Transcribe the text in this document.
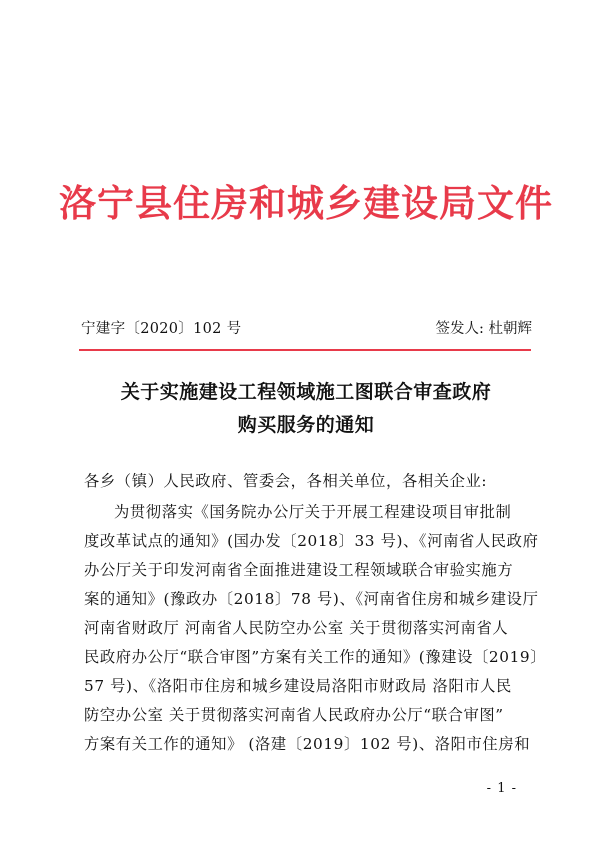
洛宁县住房和城乡建设局文件
宁建字〔2020〕102 号	签发人: 杜朝辉
关于实施建设工程领域施工图联合审查政府
购买服务的通知
各乡（镇）人民政府、管委会，各相关单位，各相关企业:
为贯彻落实《国务院办公厅关于开展工程建设项目审批制
度改革试点的通知》(国办发〔2018〕33 号)、《河南省人民政府
办公厅关于印发河南省全面推进建设工程领域联合审验实施方
案的通知》(豫政办〔2018〕78 号)、《河南省住房和城乡建设厅
河南省财政厅 河南省人民防空办公室 关于贯彻落实河南省人
民政府办公厅“联合审图”方案有关工作的通知》(豫建设〔2019〕
57 号)、《洛阳市住房和城乡建设局洛阳市财政局 洛阳市人民
防空办公室 关于贯彻落实河南省人民政府办公厅“联合审图”
方案有关工作的通知》 (洛建〔2019〕102 号)、洛阳市住房和
- 1 -
